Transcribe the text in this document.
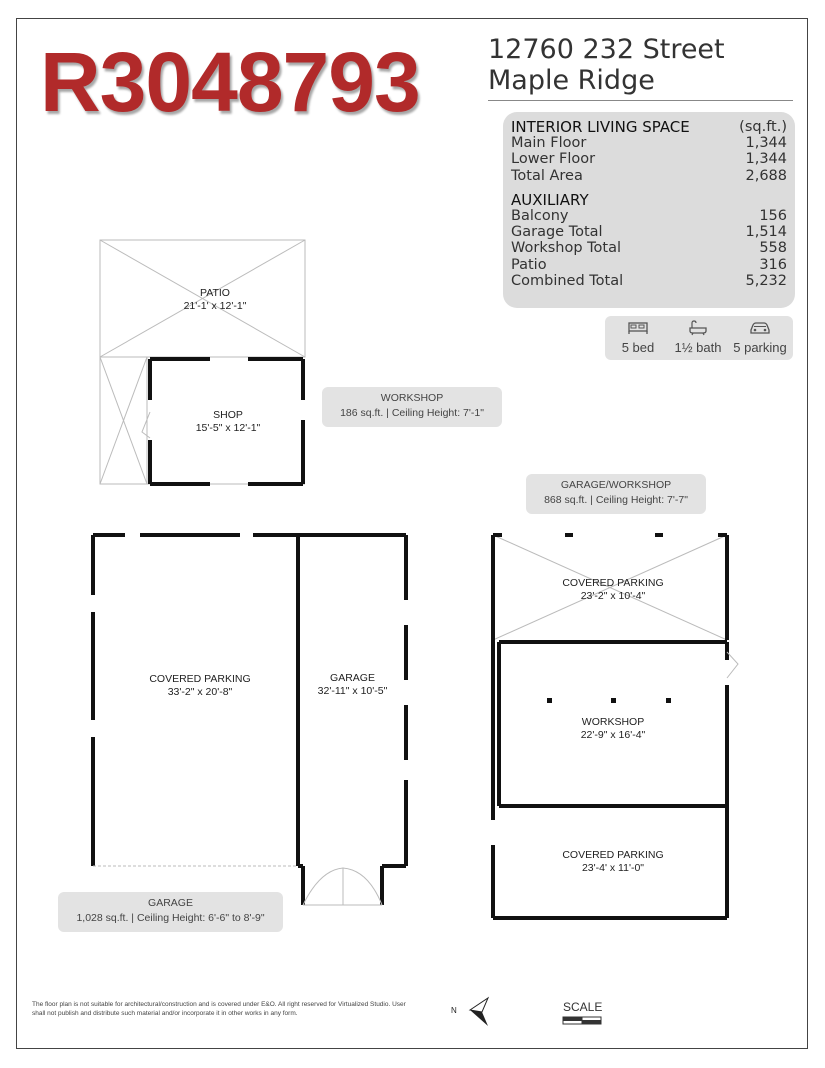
R3048793	12760 232 Street
Maple Ridge
INTERIOR LIVING SPACE	(sq.ft.)
Main Floor	1,344
Lower Floor	1,344
Total Area	2,688
AUXILIARY
Balcony	156
Garage Total	1,514
Workshop Total	558
Patio	316
Combined Total	5,232
5 bed	1½ bath 5 parking
WORKSHOP
186 sq.ft. | Ceiling Height: 7'-1"
GARAGE/WORKSHOP
868 sq.ft. | Ceiling Height: 7'-7"
GARAGE
1,028 sq.ft. | Ceiling Height: 6'-6" to 8'-9"
PATIO
21'-1' x 12'-1"
SHOP
15'-5" x 12'-1"
COVERED PARKING
33'-2" x 20'-8"
GARAGE
32'-11" x 10'-5"
COVERED PARKING
23'-2" x 10'-4"
WORKSHOP
22'-9" x 16'-4"
COVERED PARKING
23'-4' x 11'-0"
The floor plan is not suitable for architectural/construction and is covered under E&O. All right reserved for Virtualized Studio. User shall not publish and distribute such material and/or incorporate it in other works in any form.	N	SCALE
